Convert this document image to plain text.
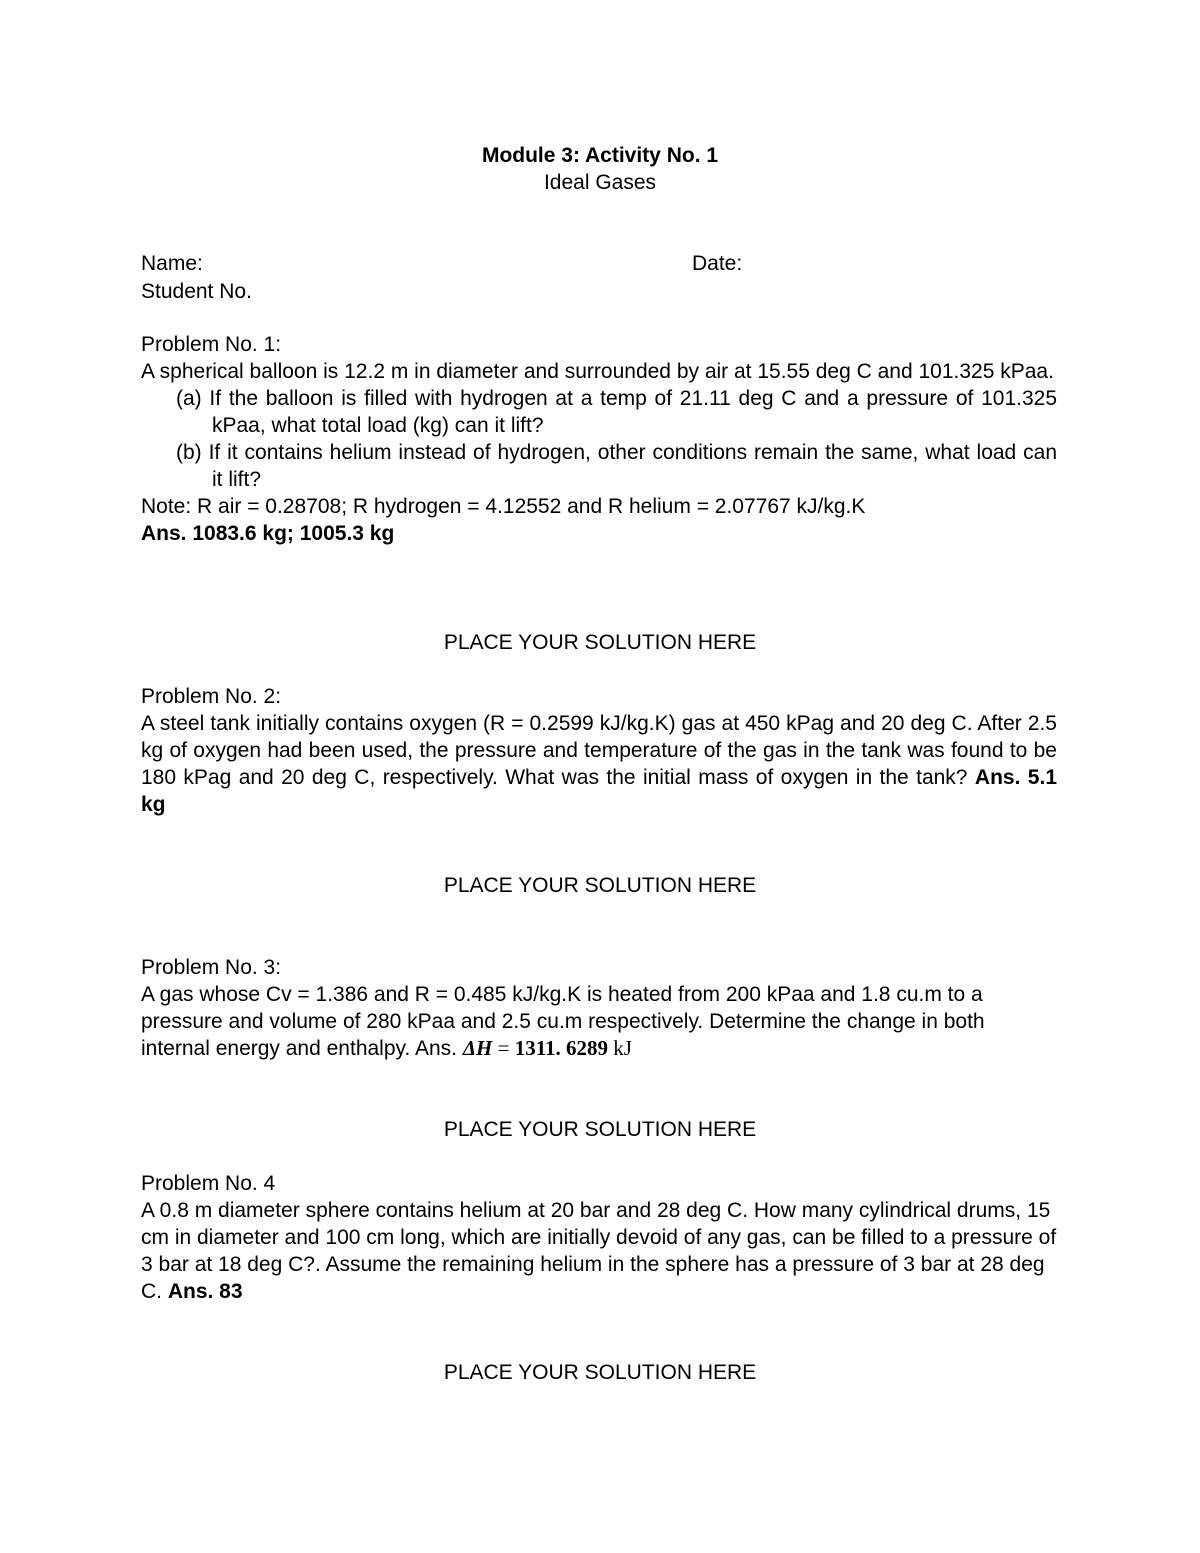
Module 3: Activity No. 1
Ideal Gases
Name:	Date:
Student No.
Problem No. 1:
A spherical balloon is 12.2 m in diameter and surrounded by air at 15.55 deg C and 101.325 kPaa.
(a) If the balloon is filled with hydrogen at a temp of 21.11 deg C and a pressure of 101.325 kPaa, what total load (kg) can it lift?
(b) If it contains helium instead of hydrogen, other conditions remain the same, what load can it lift?
Note: R air = 0.28708; R hydrogen = 4.12552 and R helium = 2.07767 kJ/kg.K
Ans. 1083.6 kg; 1005.3 kg
PLACE YOUR SOLUTION HERE
Problem No. 2:
A steel tank initially contains oxygen (R = 0.2599 kJ/kg.K) gas at 450 kPag and 20 deg C. After 2.5 kg of oxygen had been used, the pressure and temperature of the gas in the tank was found to be 180 kPag and 20 deg C, respectively. What was the initial mass of oxygen in the tank? Ans. 5.1 kg
PLACE YOUR SOLUTION HERE
Problem No. 3:
A gas whose Cv = 1.386 and R = 0.485 kJ/kg.K is heated from 200 kPaa and 1.8 cu.m to a pressure and volume of 280 kPaa and 2.5 cu.m respectively. Determine the change in both internal energy and enthalpy. Ans. ΔH = 1311. 6289 kJ
PLACE YOUR SOLUTION HERE
Problem No. 4
A 0.8 m diameter sphere contains helium at 20 bar and 28 deg C. How many cylindrical drums, 15 cm in diameter and 100 cm long, which are initially devoid of any gas, can be filled to a pressure of 3 bar at 18 deg C?. Assume the remaining helium in the sphere has a pressure of 3 bar at 28 deg C. Ans. 83
PLACE YOUR SOLUTION HERE
